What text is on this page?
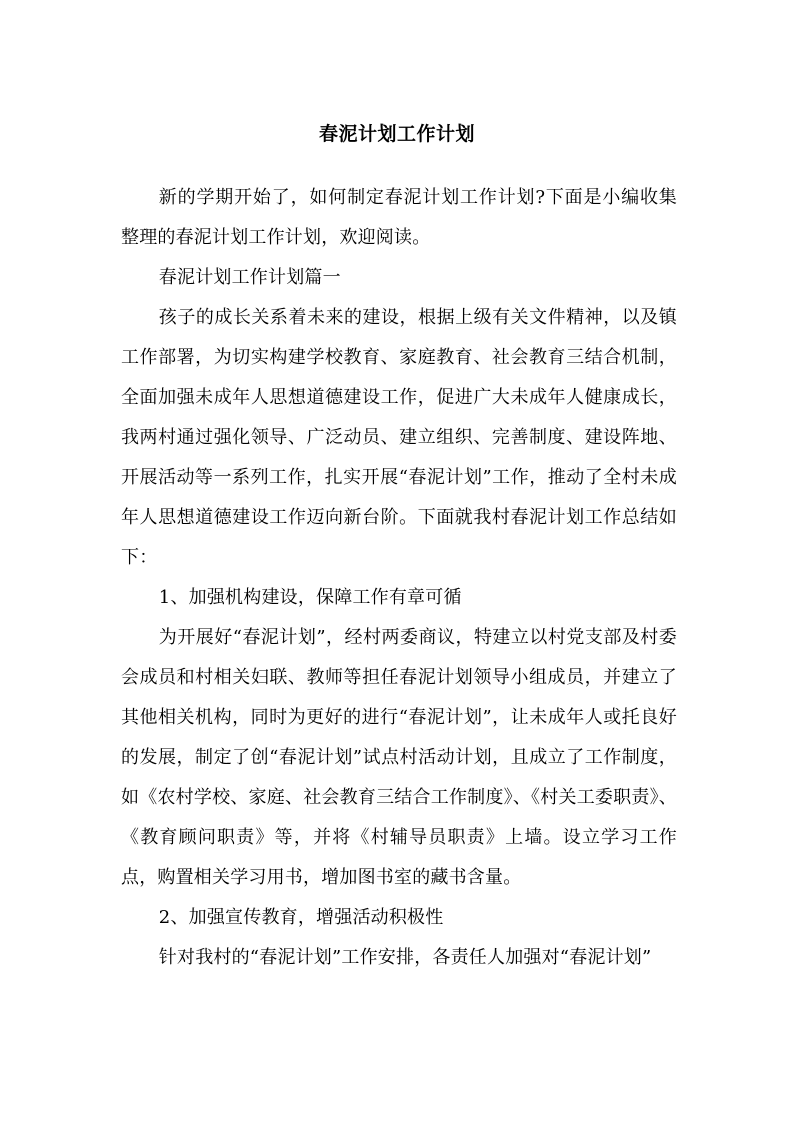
春泥计划工作计划

新的学期开始了，如何制定春泥计划工作计划?下面是小编收集整理的春泥计划工作计划，欢迎阅读。

春泥计划工作计划篇一

孩子的成长关系着未来的建设，根据上级有关文件精神，以及镇工作部署，为切实构建学校教育、家庭教育、社会教育三结合机制，全面加强未成年人思想道德建设工作，促进广大未成年人健康成长，我两村通过强化领导、广泛动员、建立组织、完善制度、建设阵地、开展活动等一系列工作，扎实开展“春泥计划”工作，推动了全村未成年人思想道德建设工作迈向新台阶。下面就我村春泥计划工作总结如下：

1、加强机构建设，保障工作有章可循

为开展好“春泥计划”，经村两委商议，特建立以村党支部及村委会成员和村相关妇联、教师等担任春泥计划领导小组成员，并建立了其他相关机构，同时为更好的进行“春泥计划”，让未成年人或托良好的发展，制定了创“春泥计划”试点村活动计划，且成立了工作制度，如《农村学校、家庭、社会教育三结合工作制度》、《村关工委职责》、《教育顾问职责》等，并将《村辅导员职责》上墙。设立学习工作点，购置相关学习用书，增加图书室的藏书含量。

2、加强宣传教育，增强活动积极性

针对我村的“春泥计划”工作安排，各责任人加强对“春泥计划”
